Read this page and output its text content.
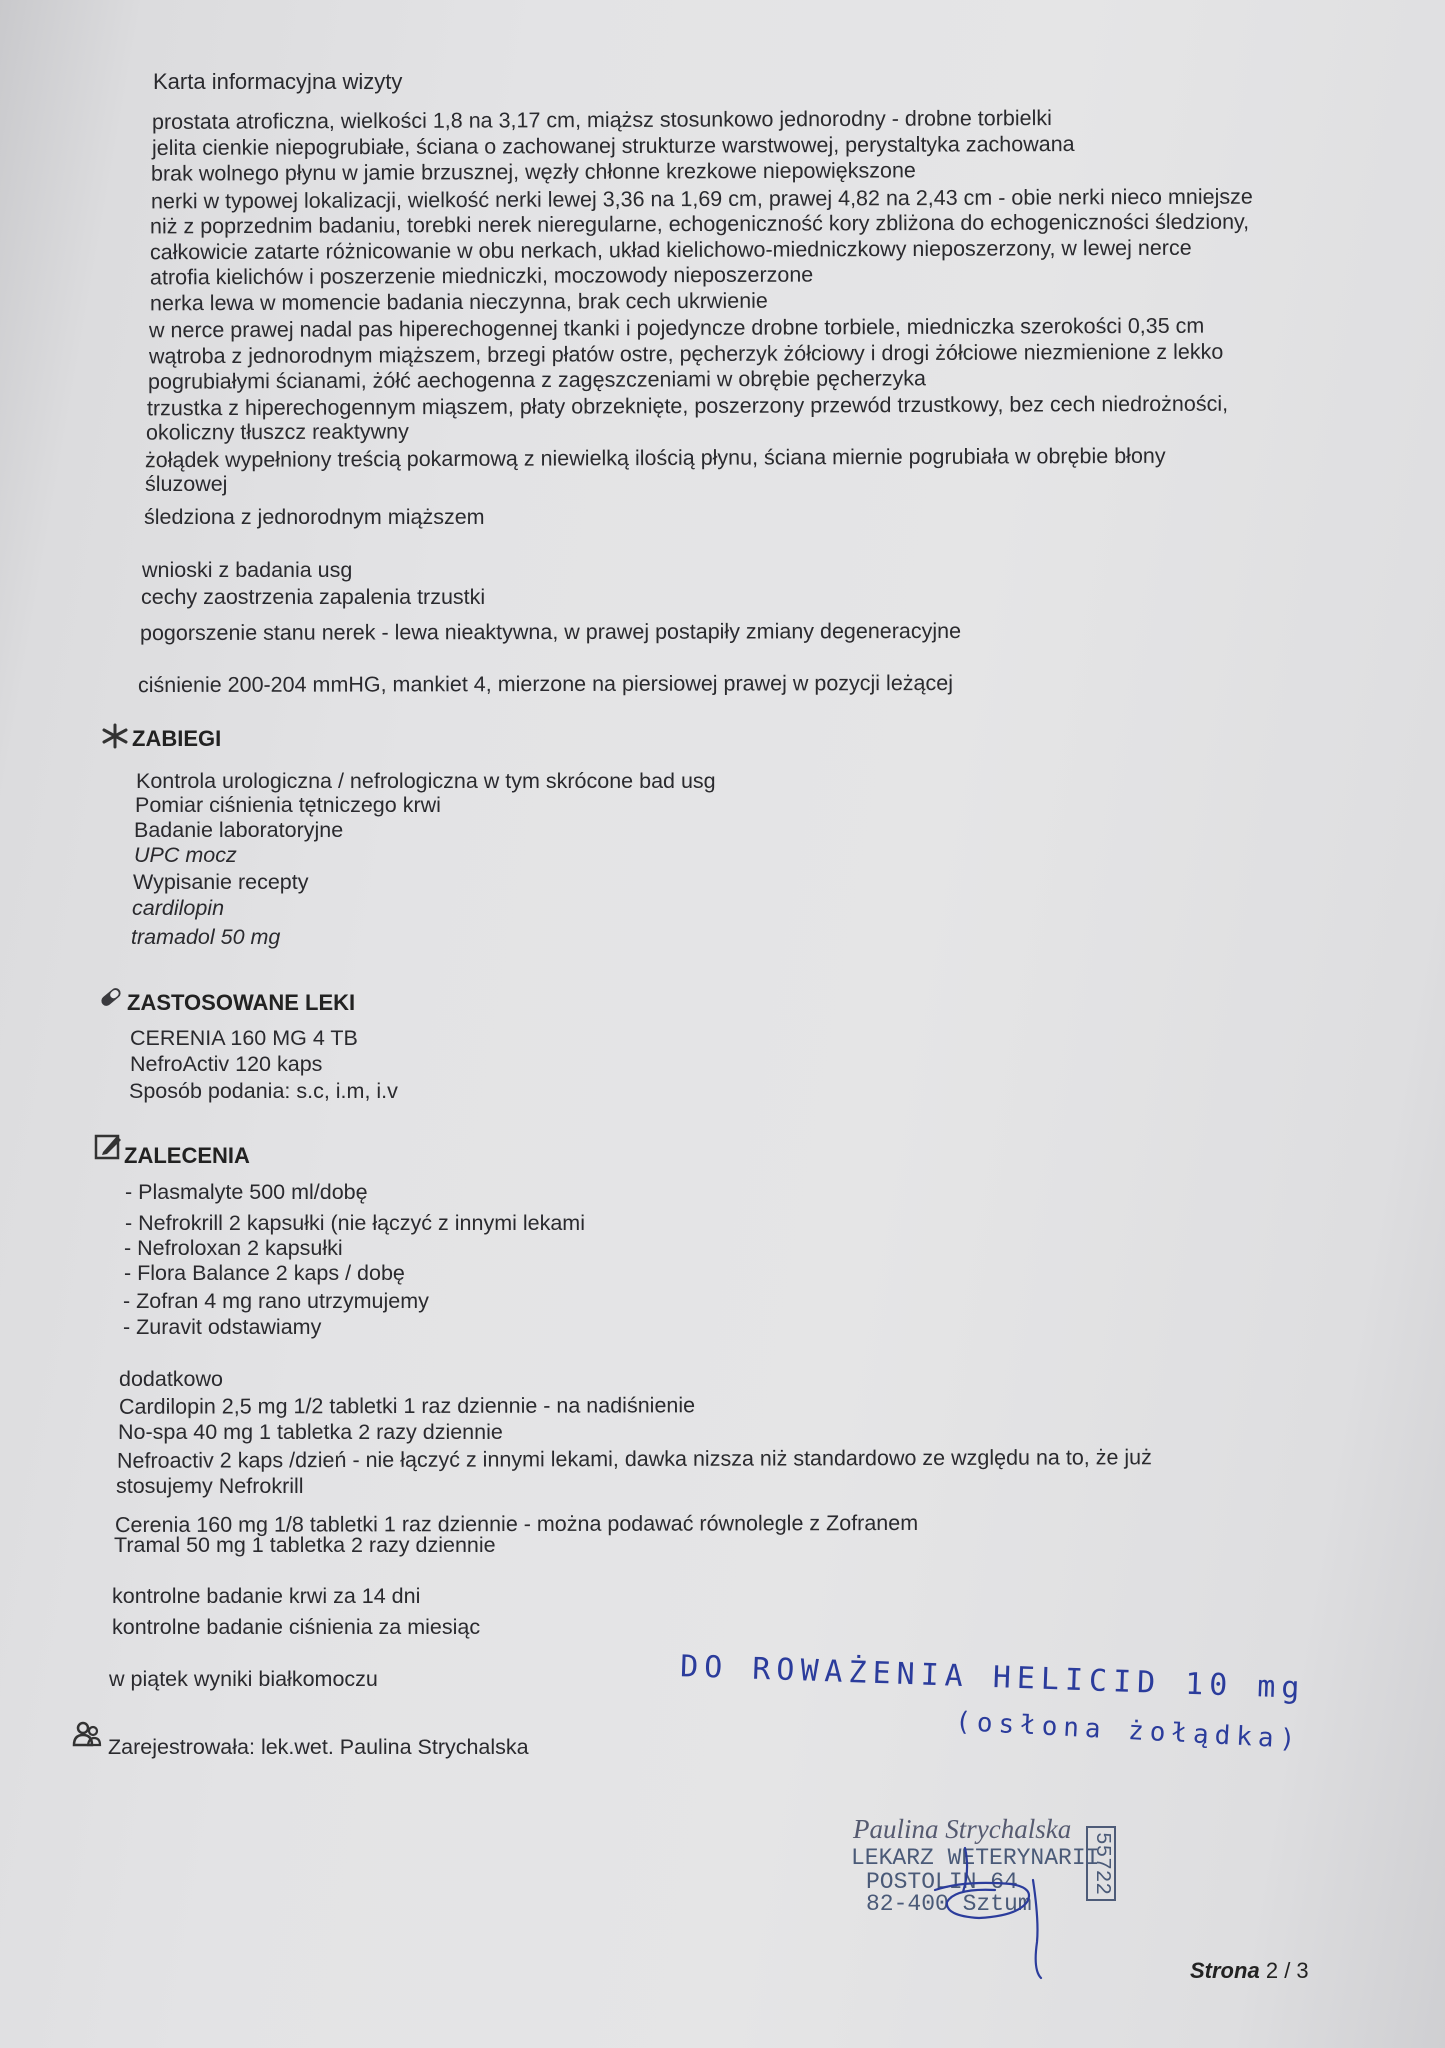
Karta informacyjna wizyty
prostata atroficzna, wielkości 1,8 na 3,17 cm, miąższ stosunkowo jednorodny - drobne torbielki
jelita cienkie niepogrubiałe, ściana o zachowanej strukturze warstwowej, perystaltyka zachowana
brak wolnego płynu w jamie brzusznej, węzły chłonne krezkowe niepowiększone
nerki w typowej lokalizacji, wielkość nerki lewej 3,36 na 1,69 cm, prawej 4,82 na 2,43 cm - obie nerki nieco mniejsze
niż z poprzednim badaniu, torebki nerek nieregularne, echogeniczność kory zbliżona do echogeniczności śledziony,
całkowicie zatarte różnicowanie w obu nerkach, układ kielichowo-miedniczkowy nieposzerzony, w lewej nerce
atrofia kielichów i poszerzenie miedniczki, moczowody nieposzerzone
nerka lewa w momencie badania nieczynna, brak cech ukrwienie
w nerce prawej nadal pas hiperechogennej tkanki i pojedyncze drobne torbiele, miedniczka szerokości 0,35 cm
wątroba z jednorodnym miąższem, brzegi płatów ostre, pęcherzyk żółciowy i drogi żółciowe niezmienione z lekko
pogrubiałymi ścianami, żółć aechogenna z zagęszczeniami w obrębie pęcherzyka
trzustka z hiperechogennym miąszem, płaty obrzeknięte, poszerzony przewód trzustkowy, bez cech niedrożności,
okoliczny tłuszcz reaktywny
żołądek wypełniony treścią pokarmową z niewielką ilością płynu, ściana miernie pogrubiała w obrębie błony
śluzowej
śledziona z jednorodnym miąższem
wnioski z badania usg
cechy zaostrzenia zapalenia trzustki
pogorszenie stanu nerek - lewa nieaktywna, w prawej postapiły zmiany degeneracyjne
ciśnienie 200-204 mmHG, mankiet 4, mierzone na piersiowej prawej w pozycji leżącej
ZABIEGI
Kontrola urologiczna / nefrologiczna w tym skrócone bad usg
Pomiar ciśnienia tętniczego krwi
Badanie laboratoryjne
UPC mocz
Wypisanie recepty
cardilopin
tramadol 50 mg
ZASTOSOWANE LEKI
CERENIA 160 MG 4 TB
NefroActiv 120 kaps
Sposób podania: s.c, i.m, i.v
ZALECENIA
- Plasmalyte 500 ml/dobę
- Nefrokrill 2 kapsułki (nie łączyć z innymi lekami
- Nefroloxan 2 kapsułki
- Flora Balance 2 kaps / dobę
- Zofran 4 mg rano utrzymujemy
- Zuravit odstawiamy
dodatkowo
Cardilopin 2,5 mg 1/2 tabletki 1 raz dziennie - na nadiśnienie
No-spa 40 mg 1 tabletka 2 razy dziennie
Nefroactiv 2 kaps /dzień - nie łączyć z innymi lekami, dawka nizsza niż standardowo ze względu na to, że już
stosujemy Nefrokrill
Cerenia 160 mg 1/8 tabletki 1 raz dziennie - można podawać równolegle z Zofranem
Tramal 50 mg 1 tabletka 2 razy dziennie
kontrolne badanie krwi za 14 dni
kontrolne badanie ciśnienia za miesiąc
w piątek wyniki białkomoczu
Zarejestrowała: lek.wet. Paulina Strychalska
DO ROWAŻENIA HELICID 10 mg
(osłona żołądka)
Paulina Strychalska
LEKARZ WETERYNARII
POSTOLIN 64
82-400 Sztum
55722
Strona 2 / 3
